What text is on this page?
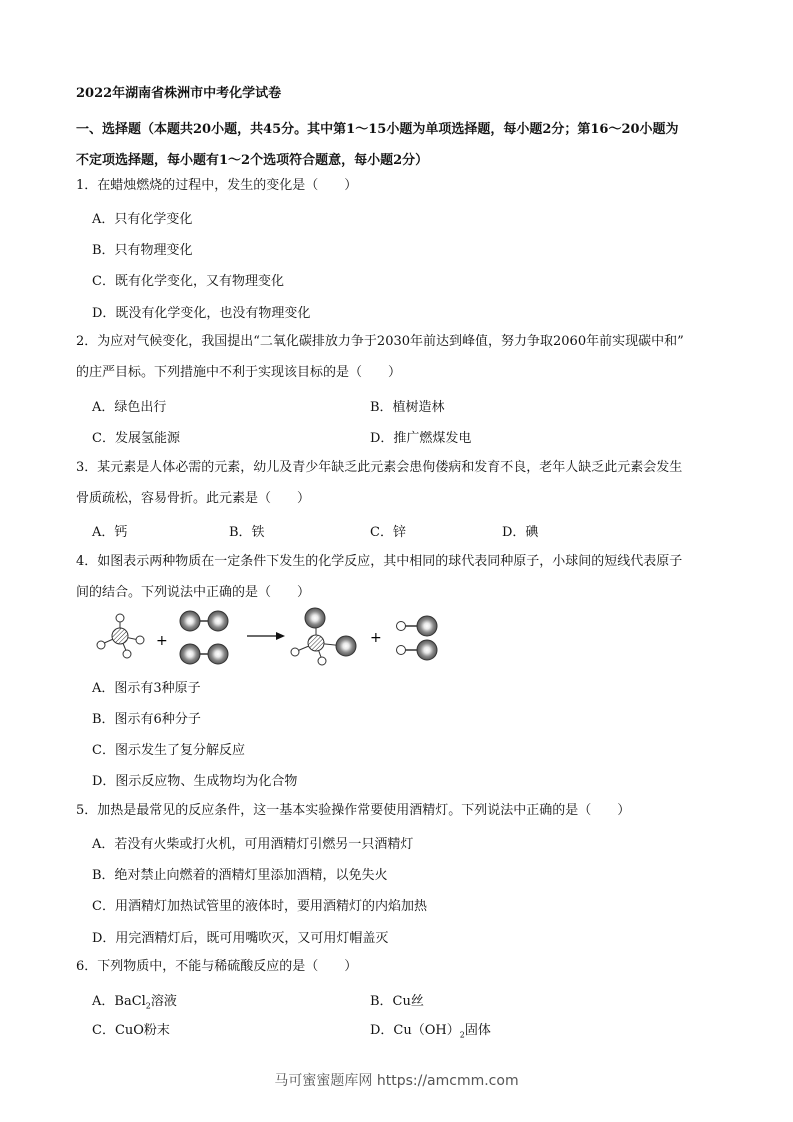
2022年湖南省株洲市中考化学试卷
一、选择题（本题共20小题，共45分。其中第1～15小题为单项选择题，每小题2分；第16～20小题为
不定项选择题，每小题有1～2个选项符合题意，每小题2分）
1．在蜡烛燃烧的过程中，发生的变化是（　　）
A．只有化学变化
B．只有物理变化
C．既有化学变化，又有物理变化
D．既没有化学变化，也没有物理变化
2．为应对气候变化，我国提出“二氧化碳排放力争于2030年前达到峰值，努力争取2060年前实现碳中和”
的庄严目标。下列措施中不利于实现该目标的是（　　）
A．绿色出行	B．植树造林
C．发展氢能源	D．推广燃煤发电
3．某元素是人体必需的元素，幼儿及青少年缺乏此元素会患佝偻病和发育不良，老年人缺乏此元素会发生
骨质疏松，容易骨折。此元素是（　　）
A．钙	B．铁	C．锌	D．碘
4．如图表示两种物质在一定条件下发生的化学反应，其中相同的球代表同种原子，小球间的短线代表原子
间的结合。下列说法中正确的是（　　）
+	+
A．图示有3种原子
B．图示有6种分子
C．图示发生了复分解反应
D．图示反应物、生成物均为化合物
5．加热是最常见的反应条件，这一基本实验操作常要使用酒精灯。下列说法中正确的是（　　）
A．若没有火柴或打火机，可用酒精灯引燃另一只酒精灯
B．绝对禁止向燃着的酒精灯里添加酒精，以免失火
C．用酒精灯加热试管里的液体时，要用酒精灯的内焰加热
D．用完酒精灯后，既可用嘴吹灭，又可用灯帽盖灭
6．下列物质中，不能与稀硫酸反应的是（　　）
A．BaCl$_2$溶液	B．Cu丝
C．CuO粉末	D．$Cu(OH)_2$固体
马可蜜蜜题库网 https://amcmm.com
